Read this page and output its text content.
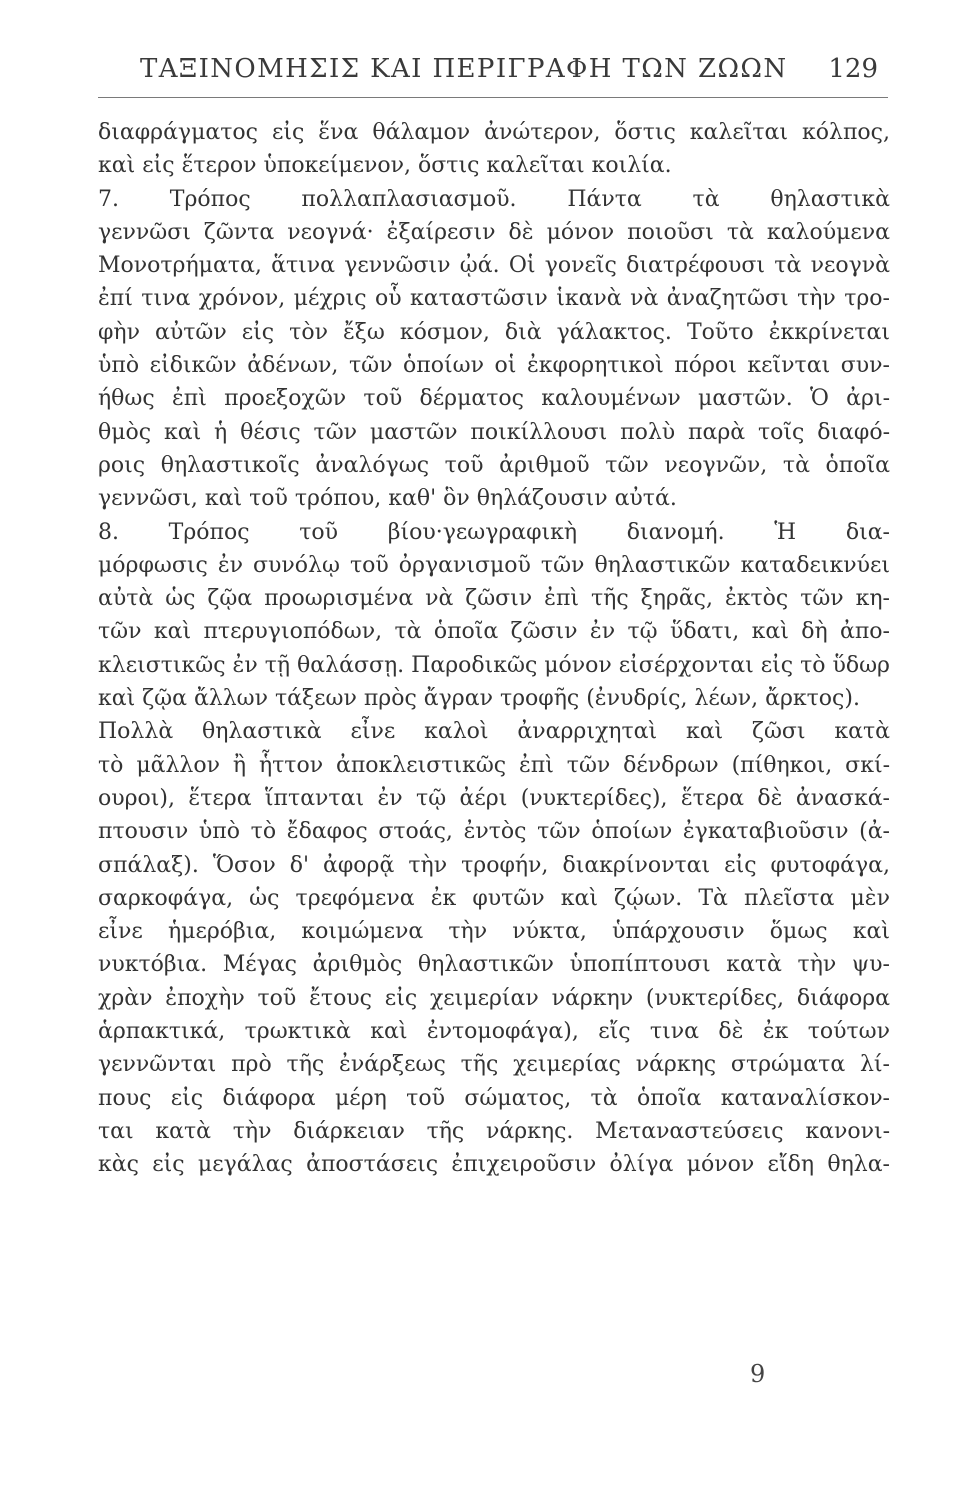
ΤΑΞΙΝΟΜΗΣΙΣ ΚΑΙ ΠΕΡΙΓΡΑΦΗ ΤΩΝ ΖΩΩΝ 129
διαφράγματος εἰς ἕνα θάλαμον ἀνώτερον, ὅστις καλεῖται κόλπος,
καὶ εἰς ἕτερον ὑποκείμενον, ὅστις καλεῖται κοιλία.
7. Τρόπος πολλαπλασιασμοῦ. Πάντα τὰ θηλαστικὰ
γεννῶσι ζῶντα νεογνά· ἐξαίρεσιν δὲ μόνον ποιοῦσι τὰ καλούμενα
Μονοτρήματα, ἅτινα γεννῶσιν ᾠά. Οἱ γονεῖς διατρέφουσι τὰ νεογνὰ
ἐπί τινα χρόνον, μέχρις οὗ καταστῶσιν ἱκανὰ νὰ ἀναζητῶσι τὴν τρο-
φὴν αὐτῶν εἰς τὸν ἔξω κόσμον, διὰ γάλακτος. Τοῦτο ἐκκρίνεται
ὑπὸ εἰδικῶν ἀδένων, τῶν ὁποίων οἱ ἐκφορητικοὶ πόροι κεῖνται συν-
ήθως ἐπὶ προεξοχῶν τοῦ δέρματος καλουμένων μαστῶν. Ὁ ἀρι-
θμὸς καὶ ἡ θέσις τῶν μαστῶν ποικίλλουσι πολὺ παρὰ τοῖς διαφό-
ροις θηλαστικοῖς ἀναλόγως τοῦ ἀριθμοῦ τῶν νεογνῶν, τὰ ὁποῖα
γεννῶσι, καὶ τοῦ τρόπου, καθ' ὃν θηλάζουσιν αὐτά.
8. Τρόπος τοῦ βίου·γεωγραφικὴ διανομή. Ἡ δια-
μόρφωσις ἐν συνόλῳ τοῦ ὀργανισμοῦ τῶν θηλαστικῶν καταδεικνύει
αὐτὰ ὡς ζῷα προωρισμένα νὰ ζῶσιν ἐπὶ τῆς ξηρᾶς, ἐκτὸς τῶν κη-
τῶν καὶ πτερυγιοπόδων, τὰ ὁποῖα ζῶσιν ἐν τῷ ὕδατι, καὶ δὴ ἀπο-
κλειστικῶς ἐν τῇ θαλάσσῃ. Παροδικῶς μόνον εἰσέρχονται εἰς τὸ ὕδωρ
καὶ ζῷα ἄλλων τάξεων πρὸς ἄγραν τροφῆς (ἐνυδρίς, λέων, ἄρκτος).
Πολλὰ θηλαστικὰ εἶνε καλοὶ ἀναρριχηταὶ καὶ ζῶσι κατὰ
τὸ μᾶλλον ἢ ἧττον ἀποκλειστικῶς ἐπὶ τῶν δένδρων (πίθηκοι, σκί-
ουροι), ἕτερα ἵπτανται ἐν τῷ ἀέρι (νυκτερίδες), ἕτερα δὲ ἀνασκά-
πτουσιν ὑπὸ τὸ ἔδαφος στοάς, ἐντὸς τῶν ὁποίων ἐγκαταβιοῦσιν (ἀ-
σπάλαξ). Ὅσον δ' ἀφορᾷ τὴν τροφήν, διακρίνονται εἰς φυτοφάγα,
σαρκοφάγα, ὡς τρεφόμενα ἐκ φυτῶν καὶ ζῴων. Τὰ πλεῖστα μὲν
εἶνε ἡμερόβια, κοιμώμενα τὴν νύκτα, ὑπάρχουσιν ὅμως καὶ
νυκτόβια. Μέγας ἀριθμὸς θηλαστικῶν ὑποπίπτουσι κατὰ τὴν ψυ-
χρὰν ἐποχὴν τοῦ ἔτους εἰς χειμερίαν νάρκην (νυκτερίδες, διάφορα
ἁρπακτικά, τρωκτικὰ καὶ ἐντομοφάγα), εἴς τινα δὲ ἐκ τούτων
γεννῶνται πρὸ τῆς ἐνάρξεως τῆς χειμερίας νάρκης στρώματα λί-
πους εἰς διάφορα μέρη τοῦ σώματος, τὰ ὁποῖα καταναλίσκον-
ται κατὰ τὴν διάρκειαν τῆς νάρκης. Μεταναστεύσεις κανονι-
κὰς εἰς μεγάλας ἀποστάσεις ἐπιχειροῦσιν ὀλίγα μόνον εἴδη θηλα-
9
